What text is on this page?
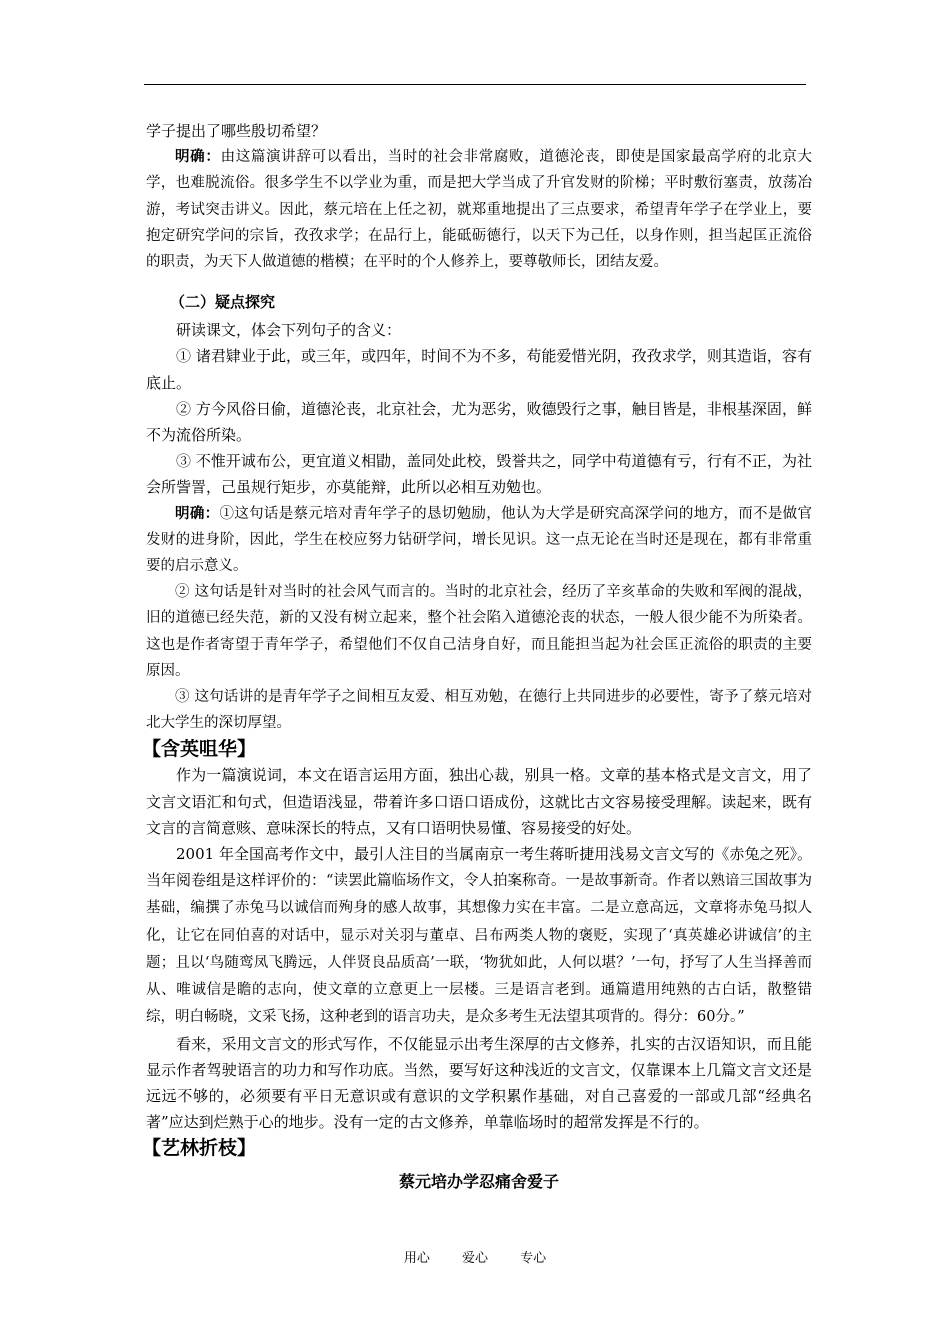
学子提出了哪些殷切希望？

明确：由这篇演讲辞可以看出，当时的社会非常腐败，道德沦丧，即使是国家最高学府的北京大学，也难脱流俗。很多学生不以学业为重，而是把大学当成了升官发财的阶梯；平时敷衍塞责，放荡冶游，考试突击讲义。因此，蔡元培在上任之初，就郑重地提出了三点要求，希望青年学子在学业上，要抱定研究学问的宗旨，孜孜求学；在品行上，能砥砺德行，以天下为己任，以身作则，担当起匡正流俗的职责，为天下人做道德的楷模；在平时的个人修养上，要尊敬师长，团结友爱。

（二）疑点探究

研读课文，体会下列句子的含义：

① 诸君肄业于此，或三年，或四年，时间不为不多，苟能爱惜光阴，孜孜求学，则其造诣，容有底止。

② 方今风俗日偷，道德沦丧，北京社会，尤为恶劣，败德毁行之事，触目皆是，非根基深固，鲜不为流俗所染。

③ 不惟开诚布公，更宜道义相勖，盖同处此校，毁誉共之，同学中苟道德有亏，行有不正，为社会所訾詈，己虽规行矩步，亦莫能辩，此所以必相互劝勉也。

明确：①这句话是蔡元培对青年学子的恳切勉励，他认为大学是研究高深学问的地方，而不是做官发财的进身阶，因此，学生在校应努力钻研学问，增长见识。这一点无论在当时还是现在，都有非常重要的启示意义。

② 这句话是针对当时的社会风气而言的。当时的北京社会，经历了辛亥革命的失败和军阀的混战，旧的道德已经失范，新的又没有树立起来，整个社会陷入道德沦丧的状态，一般人很少能不为所染者。这也是作者寄望于青年学子，希望他们不仅自己洁身自好，而且能担当起为社会匡正流俗的职责的主要原因。

③ 这句话讲的是青年学子之间相互友爱、相互劝勉，在德行上共同进步的必要性，寄予了蔡元培对北大学生的深切厚望。

【含英咀华】

作为一篇演说词，本文在语言运用方面，独出心裁，别具一格。文章的基本格式是文言文，用了文言文语汇和句式，但造语浅显，带着许多口语口语成份，这就比古文容易接受理解。读起来，既有文言的言简意赅、意味深长的特点，又有口语明快易懂、容易接受的好处。

2001 年全国高考作文中，最引人注目的当属南京一考生蒋昕捷用浅易文言文写的《赤兔之死》。当年阅卷组是这样评价的：“读罢此篇临场作文，令人拍案称奇。一是故事新奇。作者以熟谙三国故事为基础，编撰了赤兔马以诚信而殉身的感人故事，其想像力实在丰富。二是立意高远，文章将赤兔马拟人化，让它在同伯喜的对话中，显示对关羽与董卓、吕布两类人物的褒贬，实现了‘真英雄必讲诚信’的主题；且以‘鸟随鸾凤飞腾远，人伴贤良品质高’一联，‘物犹如此，人何以堪？’一句，抒写了人生当择善而从、唯诚信是瞻的志向，使文章的立意更上一层楼。三是语言老到。通篇遣用纯熟的古白话，散整错综，明白畅晓，文采飞扬，这种老到的语言功夫，是众多考生无法望其项背的。得分：60分。”

看来，采用文言文的形式写作，不仅能显示出考生深厚的古文修养，扎实的古汉语知识，而且能显示作者驾驶语言的功力和写作功底。当然，要写好这种浅近的文言文，仅靠课本上几篇文言文还是远远不够的，必须要有平日无意识或有意识的文学积累作基础，对自己喜爱的一部或几部“经典名著”应达到烂熟于心的地步。没有一定的古文修养，单靠临场时的超常发挥是不行的。

【艺林折枝】

蔡元培办学忍痛舍爱子

用心 爱心 专心
